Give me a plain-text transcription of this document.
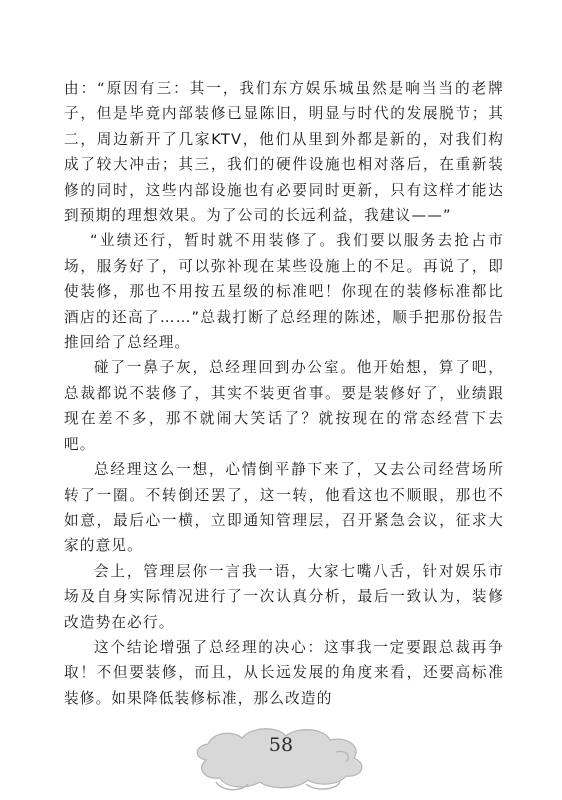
由：“原因有三：其一，我们东方娱乐城虽然是响当当的老牌子，但是毕竟内部装修已显陈旧，明显与时代的发展脱节；其二，周边新开了几家KTV，他们从里到外都是新的，对我们构成了较大冲击；其三，我们的硬件设施也相对落后，在重新装修的同时，这些内部设施也有必要同时更新，只有这样才能达到预期的理想效果。为了公司的长远利益，我建议——”

“业绩还行，暂时就不用装修了。我们要以服务去抢占市场，服务好了，可以弥补现在某些设施上的不足。再说了，即使装修，那也不用按五星级的标准吧！你现在的装修标准都比酒店的还高了……”总裁打断了总经理的陈述，顺手把那份报告推回给了总经理。

碰了一鼻子灰，总经理回到办公室。他开始想，算了吧，总裁都说不装修了，其实不装更省事。要是装修好了，业绩跟现在差不多，那不就闹大笑话了？就按现在的常态经营下去吧。

总经理这么一想，心情倒平静下来了，又去公司经营场所转了一圈。不转倒还罢了，这一转，他看这也不顺眼，那也不如意，最后心一横，立即通知管理层，召开紧急会议，征求大家的意见。

会上，管理层你一言我一语，大家七嘴八舌，针对娱乐市场及自身实际情况进行了一次认真分析，最后一致认为，装修改造势在必行。

这个结论增强了总经理的决心：这事我一定要跟总裁再争取！不但要装修，而且，从长远发展的角度来看，还要高标准装修。如果降低装修标准，那么改造的

58
